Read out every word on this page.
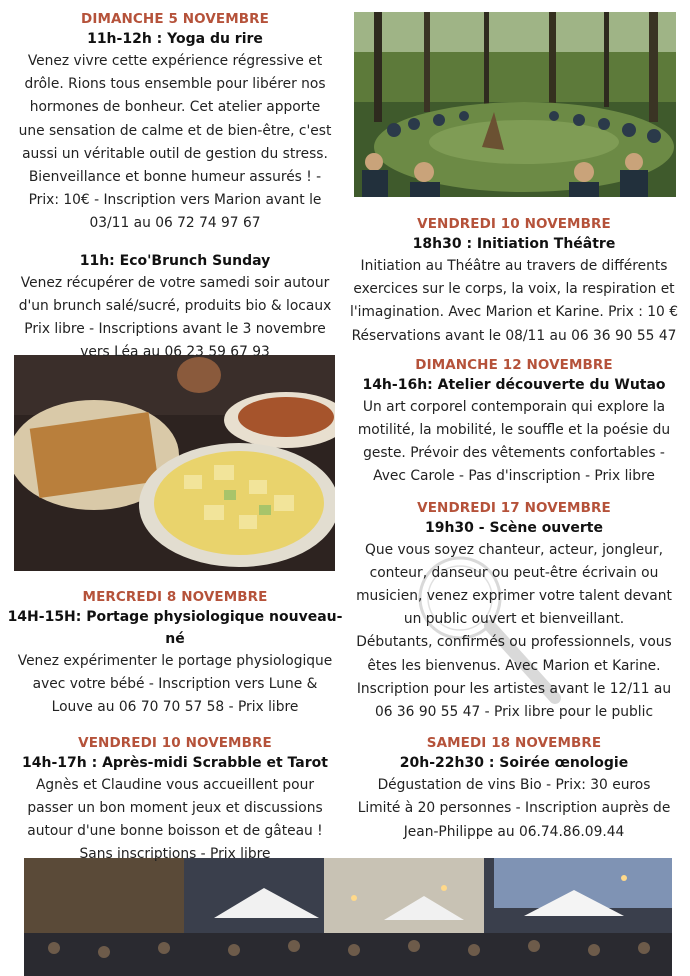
DIMANCHE 5 NOVEMBRE

11h-12h : Yoga du rire

Venez vivre cette expérience régressive et

drôle. Rions tous ensemble pour libérer nos

hormones de bonheur. Cet atelier apporte

une sensation de calme et de bien-être, c'est

aussi un véritable outil de gestion du stress.

Bienveillance et bonne humeur assurés ! -

Prix: 10€ - Inscription vers Marion avant le

03/11 au 06 72 74 97 67

11h: Eco'Brunch Sunday

Venez récupérer de votre samedi soir autour

d'un brunch salé/sucré, produits bio & locaux

Prix libre - Inscriptions avant le 3 novembre

vers Léa au 06 23 59 67 93

MERCREDI 8 NOVEMBRE

14H-15H: Portage physiologique nouveau-né

Venez expérimenter le portage physiologique

avec votre bébé - Inscription vers Lune &

Louve au 06 70 70 57 58 - Prix libre

VENDREDI 10 NOVEMBRE

14h-17h : Après-midi Scrabble et Tarot

Agnès et Claudine vous accueillent pour

passer un bon moment jeux et discussions

autour d'une bonne boisson et de gâteau !

Sans inscriptions - Prix libre

VENDREDI 10 NOVEMBRE

18h30 : Initiation Théâtre

Initiation au Théâtre au travers de différents

exercices sur le corps, la voix, la respiration et

l'imagination. Avec Marion et Karine. Prix : 10 €

Réservations avant le 08/11 au 06 36 90 55 47

DIMANCHE 12 NOVEMBRE

14h-16h: Atelier découverte du Wutao

Un art corporel contemporain qui explore la

motilité, la mobilité, le souffle et la poésie du

geste. Prévoir des vêtements confortables -

Avec Carole - Pas d'inscription - Prix libre

VENDREDI 17 NOVEMBRE

19h30 - Scène ouverte

Que vous soyez chanteur, acteur, jongleur,

conteur, danseur ou peut-être écrivain ou

musicien, venez exprimer votre talent devant

un public ouvert et bienveillant.

Débutants, confirmés ou professionnels, vous

êtes les bienvenus. Avec Marion et Karine.

Inscription pour les artistes avant le 12/11 au

06 36 90 55 47 - Prix libre pour le public

SAMEDI 18 NOVEMBRE

20h-22h30 : Soirée œnologie

Dégustation de vins Bio - Prix: 30 euros

Limité à 20 personnes - Inscription auprès de

Jean-Philippe au 06.74.86.09.44
